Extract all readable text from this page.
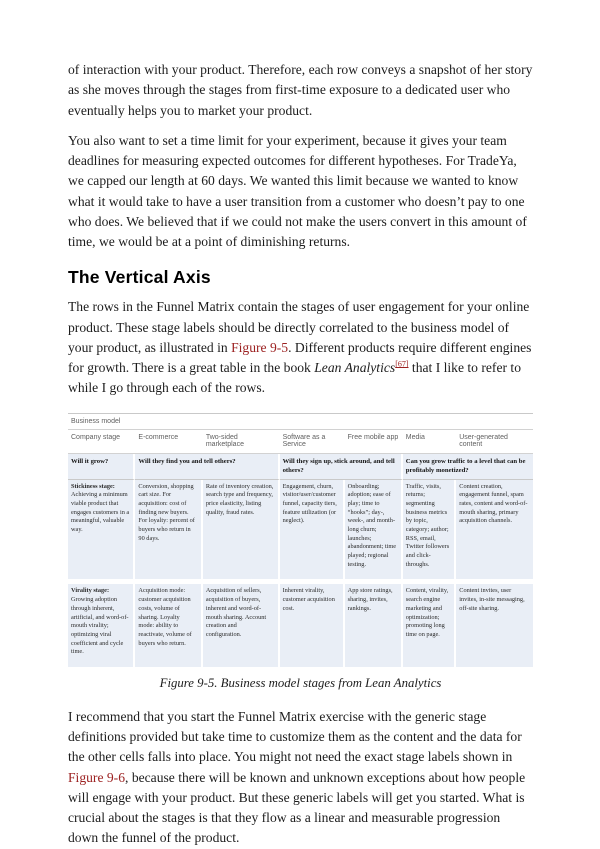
of interaction with your product. Therefore, each row conveys a snapshot of her story as she moves through the stages from first-time exposure to a dedicated user who eventually helps you to market your product.

You also want to set a time limit for your experiment, because it gives your team deadlines for measuring expected outcomes for different hypotheses. For TradeYa, we capped our length at 60 days. We wanted this limit because we wanted to know what it would take to have a user transition from a customer who doesn’t pay to one who does. We believed that if we could not make the users convert in this amount of time, we would be at a point of diminishing returns.

The Vertical Axis

The rows in the Funnel Matrix contain the stages of user engagement for your online product. These stage labels should be directly correlated to the business model of your product, as illustrated in Figure 9-5. Different products require different engines for growth. There is a great table in the book Lean Analytics[67] that I like to refer to while I go through each of the rows.

Business model						
Company stage	E-commerce	Two-sided marketplace	Software as a Service	Free mobile app	Media	User-generated content
Will it grow?	Will they find you and tell others?		Will they sign up, stick around, and tell others?		Can you grow traffic to a level that can be profitably monetized?	
Stickiness stage: Achieving a minimum viable product that engages customers in a meaningful, valuable way.	Conversion, shopping cart size. For acquisition: cost of finding new buyers. For loyalty: percent of buyers who return in 90 days.	Rate of inventory creation, search type and frequency, price elasticity, listing quality, fraud rates.	Engagement, churn, visitor/user/customer funnel, capacity tiers, feature utilization (or neglect).	Onboarding; adoption; ease of play; time to “hooks”; day-, week-, and month-long churn; launches; abandonment; time played; regional testing.	Traffic, visits, returns; segmenting business metrics by topic, category; author; RSS, email, Twitter followers and click-throughs.	Content creation, engagement funnel, spam rates, content and word-of-mouth sharing, primary acquisition channels.
Virality stage: Growing adoption through inherent, artificial, and word-of-mouth virality; optimizing viral coefficient and cycle time.	Acquisition mode: customer acquisition costs, volume of sharing. Loyalty mode: ability to reactivate, volume of buyers who return.	Acquisition of sellers, acquisition of buyers, inherent and word-of-mouth sharing. Account creation and configuration.	Inherent virality, customer acquisition cost.	App store ratings, sharing, invites, rankings.	Content, virality, search engine marketing and optimization; promoting long time on page.	Content invites, user invites, in-site messaging, off-site sharing.
Figure 9-5. Business model stages from Lean Analytics

I recommend that you start the Funnel Matrix exercise with the generic stage definitions provided but take time to customize them as the content and the data for the other cells falls into place. You might not need the exact stage labels shown in Figure 9-6, because there will be known and unknown exceptions about how people will engage with your product. But these generic labels will get you started. What is crucial about the stages is that they flow as a linear and measurable progression down the funnel of the product.
